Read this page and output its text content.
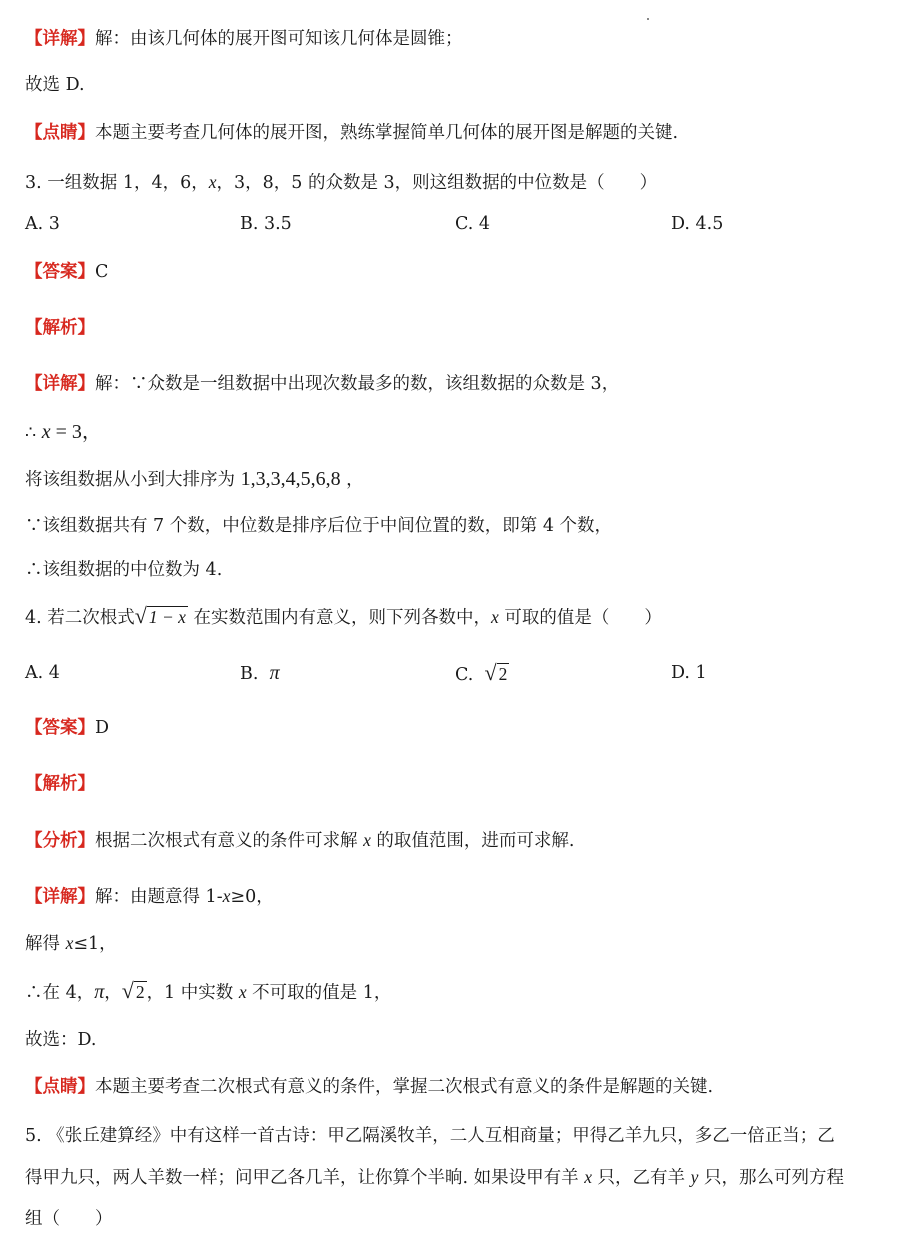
【详解】解：由该几何体的展开图可知该几何体是圆锥；
故选 D.
【点睛】本题主要考查几何体的展开图，熟练掌握简单几何体的展开图是解题的关键.
3. 一组数据 1，4，6，x，3，8，5 的众数是 3，则这组数据的中位数是（　　）
A. 3	B. 3.5	C. 4	D. 4.5
【答案】C
【解析】
【详解】解：∵众数是一组数据中出现次数最多的数，该组数据的众数是 3，
∴ x = 3，
将该组数据从小到大排序为 1,3,3,4,5,6,8 ，
∵该组数据共有 7 个数，中位数是排序后位于中间位置的数，即第 4 个数，
∴该组数据的中位数为 4.
4. 若二次根式√ 1 − x 在实数范围内有意义，则下列各数中，x 可取的值是（　　）
A. 4	B. π	C. √ 2	D. 1
【答案】D
【解析】
【分析】根据二次根式有意义的条件可求解 x 的取值范围，进而可求解.
【详解】解：由题意得 1-x≥0，
解得 x≤1，
∴在 4，π，√ 2 ，1 中实数 x 不可取的值是 1，
故选：D.
【点睛】本题主要考查二次根式有意义的条件，掌握二次根式有意义的条件是解题的关键.
5. 《张丘建算经》中有这样一首古诗：甲乙隔溪牧羊，二人互相商量；甲得乙羊九只，多乙一倍正当；乙
得甲九只，两人羊数一样；问甲乙各几羊，让你算个半晌. 如果设甲有羊 x 只，乙有羊 y 只，那么可列方程
组（　　）
